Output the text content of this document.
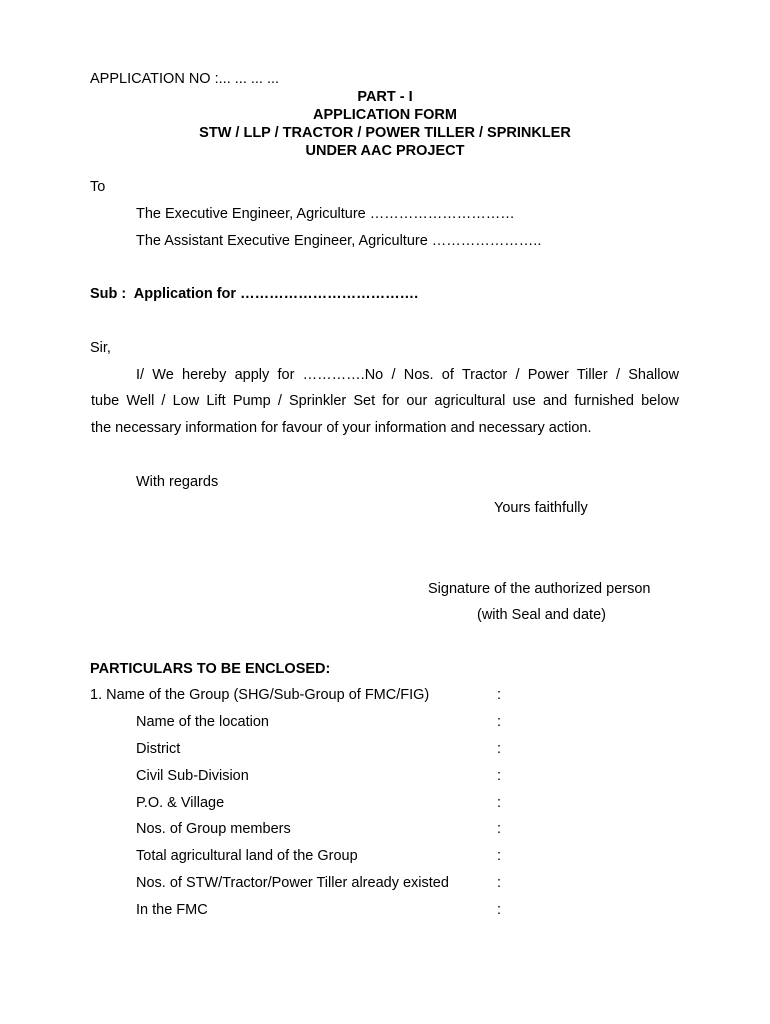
APPLICATION NO :... ... ... ...
PART - I
APPLICATION FORM
STW / LLP / TRACTOR / POWER TILLER / SPRINKLER
UNDER AAC PROJECT
To
The Executive Engineer, Agriculture …………………………
The Assistant Executive Engineer, Agriculture …………………..
Sub :  Application for ……………………………….
Sir,
I/ We hereby apply for ………….No / Nos. of Tractor / Power Tiller / Shallow
tube Well / Low Lift Pump / Sprinkler Set for our agricultural use and furnished below
the necessary information for favour of your information and necessary action.
With regards
Yours faithfully
Signature of the authorized person
(with Seal and date)
PARTICULARS TO BE ENCLOSED:
1. Name of the Group (SHG/Sub-Group of FMC/FIG)	:
Name of the location	:
District	:
Civil Sub-Division	:
P.O. & Village	:
Nos. of Group members	:
Total agricultural land of the Group	:
Nos. of STW/Tractor/Power Tiller already existed	:
In the FMC	:
